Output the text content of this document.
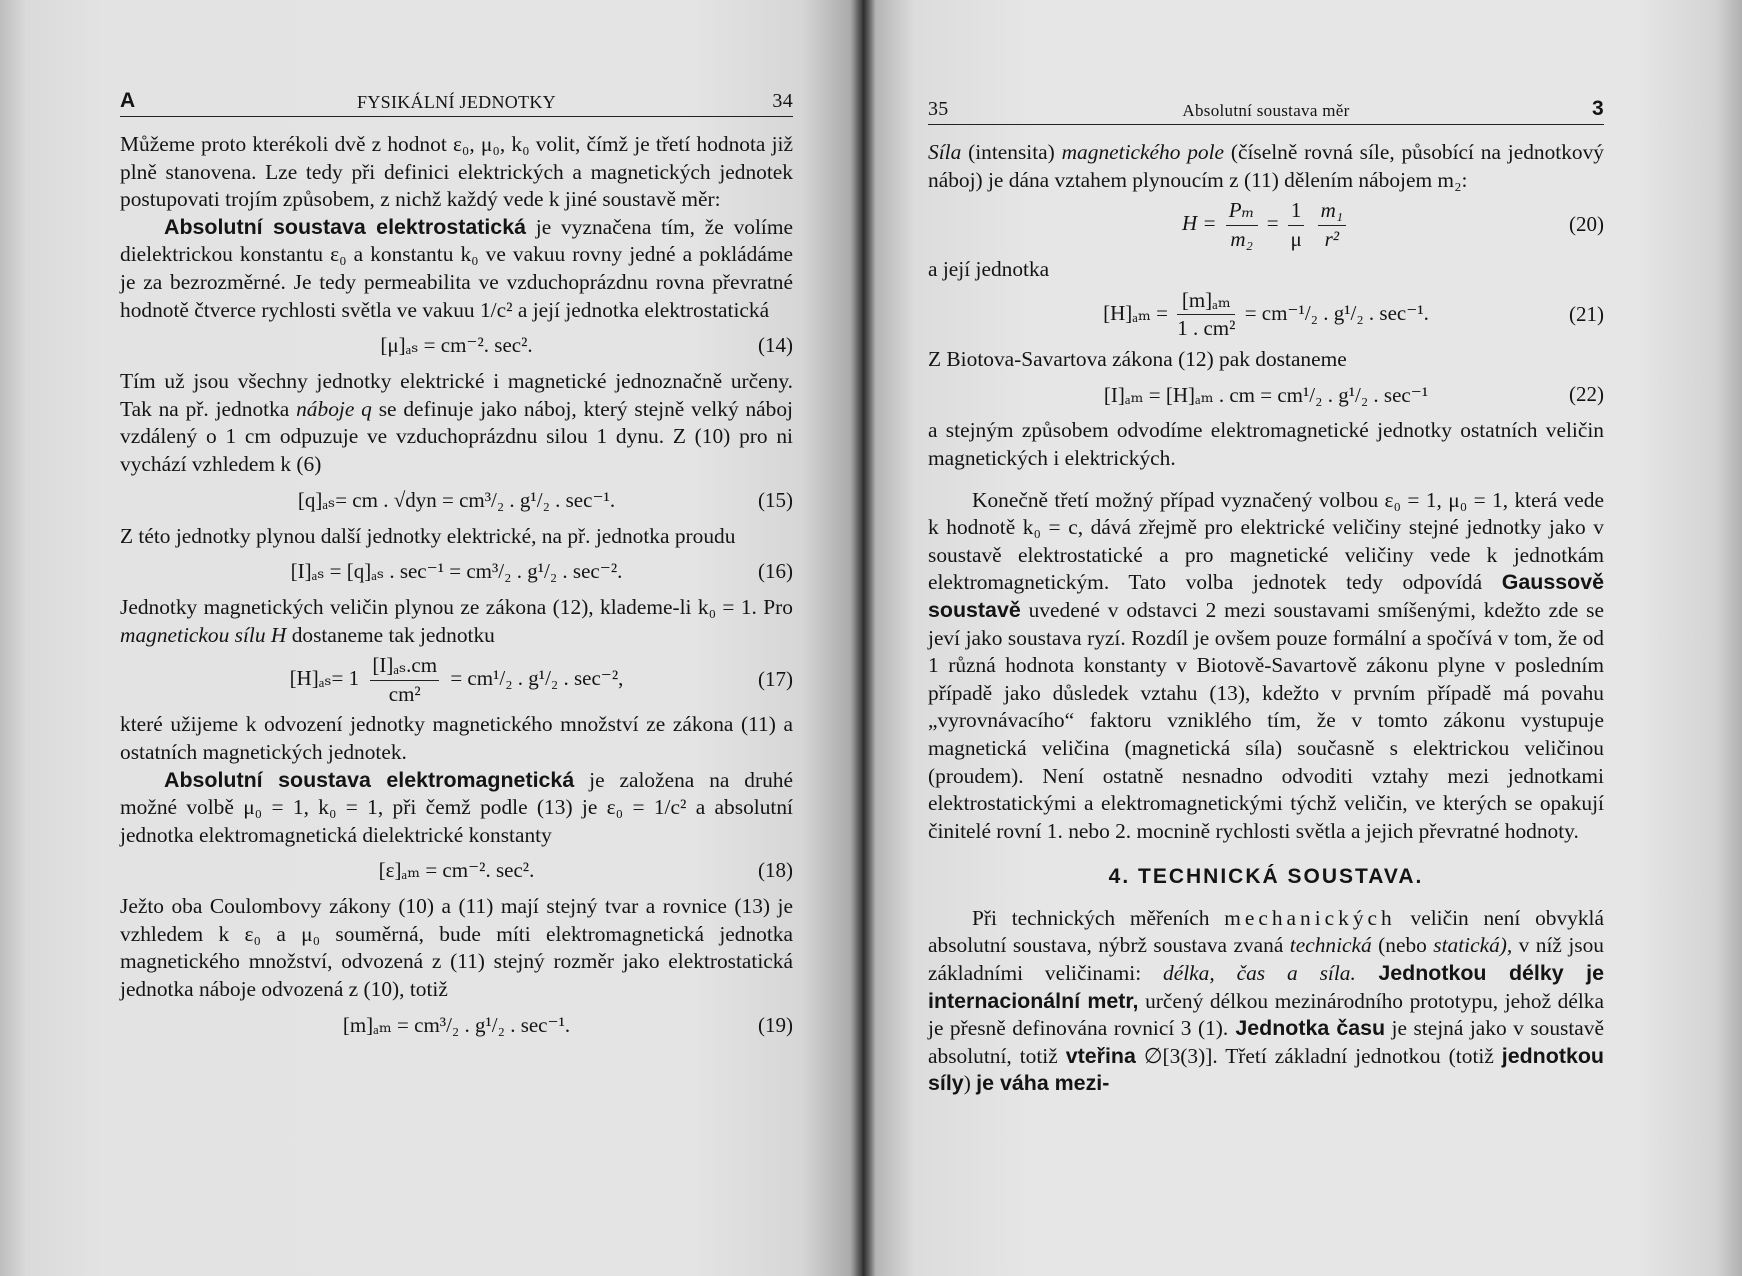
A	FYSIKÁLNÍ JEDNOTKY	34

Můžeme proto kterékoli dvě z hodnot ε₀, μ₀, k₀ volit, čímž je třetí hodnota již plně stanovena. Lze tedy při definici elektrických a magnetických jednotek postupovati trojím způsobem, z nichž každý vede k jiné soustavě měr:

Absolutní soustava elektrostatická je vyznačena tím, že volíme dielektrickou konstantu ε₀ a konstantu k₀ ve vakuu rovny jedné a pokládáme je za bezrozměrné. Je tedy permeabilita ve vzduchoprázdnu rovna převratné hodnotě čtverce rychlosti světla ve vakuu 1/c² a její jednotka elektrostatická

[μ]ₐₛ = cm⁻². sec².	(14)

Tím už jsou všechny jednotky elektrické i magnetické jednoznačně určeny. Tak na př. jednotka náboje q se definuje jako náboj, který stejně velký náboj vzdálený o 1 cm odpuzuje ve vzduchoprázdnu silou 1 dynu. Z (10) pro ni vychází vzhledem k (6)

[q]ₐₛ= cm . √dyn = cm³/₂ . g¹/₂ . sec⁻¹.	(15)

Z této jednotky plynou další jednotky elektrické, na př. jednotka proudu

[I]ₐₛ = [q]ₐₛ . sec⁻¹ = cm³/₂ . g¹/₂ . sec⁻².	(16)

Jednotky magnetických veličin plynou ze zákona (12), klademe-li k₀ = 1. Pro magnetickou sílu H dostaneme tak jednotku

$[H]_{as}= 1 \frac{\text{[I]ₐₛ.cm}}{\text{cm²}} = cm^1/_2$ . g¹/₂ . sec⁻²,	(17)

které užijeme k odvození jednotky magnetického množství ze zákona (11) a ostatních magnetických jednotek.

Absolutní soustava elektromagnetická je založena na druhé možné volbě μ₀ = 1, k₀ = 1, při čemž podle (13) je ε₀ = 1/c² a absolutní jednotka elektromagnetická dielektrické konstanty

[ε]ₐₘ = cm⁻². sec².	(18)

Ježto oba Coulombovy zákony (10) a (11) mají stejný tvar a rovnice (13) je vzhledem k ε₀ a μ₀ souměrná, bude míti elektromagnetická jednotka magnetického množství, odvozená z (11) stejný rozměr jako elektrostatická jednotka náboje odvozená z (10), totiž

[m]ₐₘ = cm³/₂ . g¹/₂ . sec⁻¹.	(19)
35	Absolutní soustava měr	3

Síla (intensita) magnetického pole (číselně rovná síle, působící na jednotkový náboj) je dána vztahem plynoucím z (11) dělením nábojem m₂:

$H = \frac{\text{Pₘ}}{\text{m₂}} = \frac{1}{\mu}$
$\frac{\text{m₁}}{\text{r²}}$	(20)

a její jednotka

$[H]_{am} = \frac{\text{[m]ₐₘ}}{\text{1 . cm²}} = cm^{-1}/_2$ . g¹/₂ . sec⁻¹.	(21)

Z Biotova-Savartova zákona (12) pak dostaneme

[I]ₐₘ = [H]ₐₘ . cm = cm¹/₂ . g¹/₂ . sec⁻¹	(22)

a stejným způsobem odvodíme elektromagnetické jednotky ostatních veličin magnetických i elektrických.

Konečně třetí možný případ vyznačený volbou ε₀ = 1, μ₀ = 1, která vede k hodnotě k₀ = c, dává zřejmě pro elektrické veličiny stejné jednotky jako v soustavě elektrostatické a pro magnetické veličiny vede k jednotkám elektromagnetickým. Tato volba jednotek tedy odpovídá Gaussově soustavě uvedené v odstavci 2 mezi soustavami smíšenými, kdežto zde se jeví jako soustava ryzí. Rozdíl je ovšem pouze formální a spočívá v tom, že od 1 různá hodnota konstanty v Biotově-Savartově zákonu plyne v posledním případě jako důsledek vztahu (13), kdežto v prvním případě má povahu „vyrovnávacího“ faktoru vzniklého tím, že v tomto zákonu vystupuje magnetická veličina (magnetická síla) současně s elektrickou veličinou (proudem). Není ostatně nesnadno odvoditi vztahy mezi jednotkami elektrostatickými a elektromagnetickými týchž veličin, ve kterých se opakují činitelé rovní 1. nebo 2. mocnině rychlosti světla a jejich převratné hodnoty.

4. TECHNICKÁ SOUSTAVA.

Při technických měřeních mechanických veličin není obvyklá absolutní soustava, nýbrž soustava zvaná technická (nebo statická), v níž jsou základními veličinami: délka, čas a síla. Jednotkou délky je internacionální metr, určený délkou mezinárodního prototypu, jehož délka je přesně definována rovnicí 3 (1). Jednotka času je stejná jako v soustavě absolutní, totiž vteřina ∅[3(3)]. Třetí základní jednotkou (totiž jednotkou síly) je váha mezi-
